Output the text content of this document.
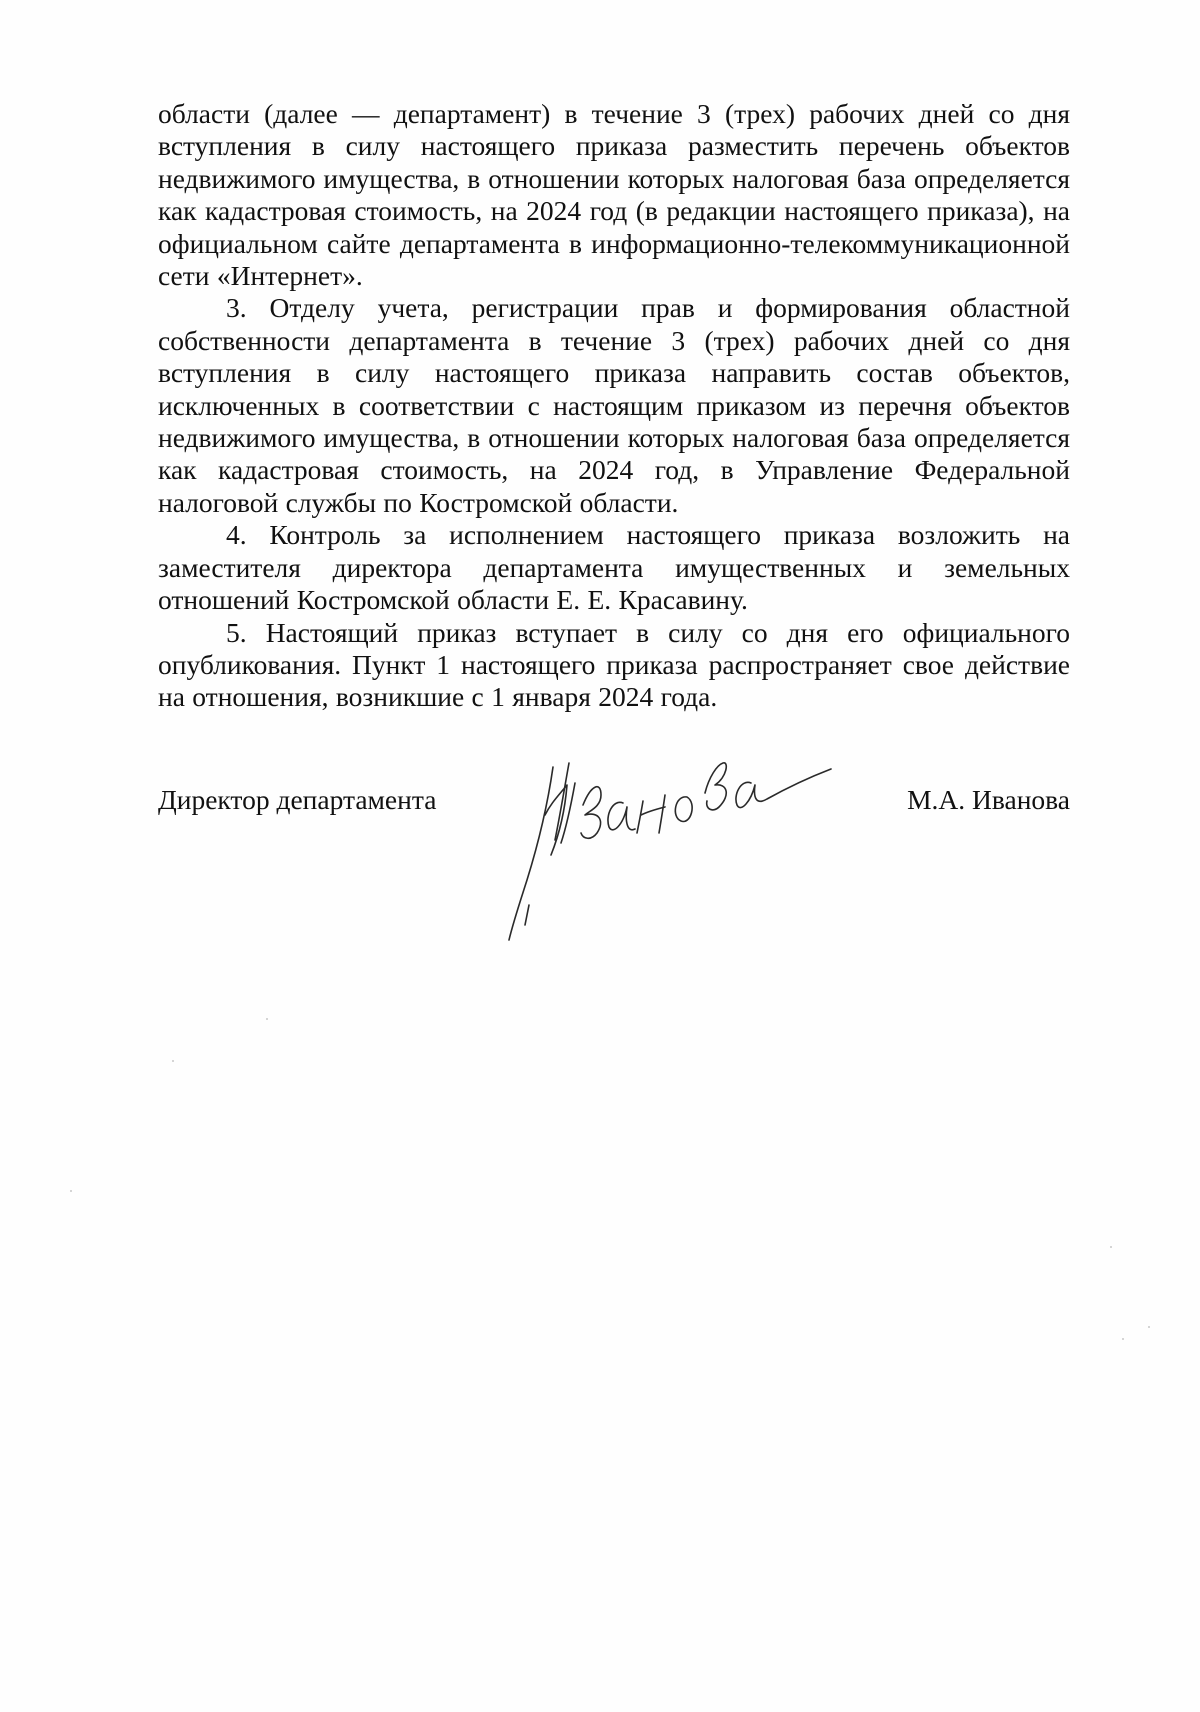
области (далее — департамент) в течение 3 (трех) рабочих дней со дня вступления в силу настоящего приказа разместить перечень объектов недвижимого имущества, в отношении которых налоговая база определяется как кадастровая стоимость, на 2024 год (в редакции настоящего приказа), на официальном сайте департамента в информационно-телекоммуникационной сети «Интернет».

3. Отделу учета, регистрации прав и формирования областной собственности департамента в течение 3 (трех) рабочих дней со дня вступления в силу настоящего приказа направить состав объектов, исключенных в соответствии с настоящим приказом из перечня объектов недвижимого имущества, в отношении которых налоговая база определяется как кадастровая стоимость, на 2024 год, в Управление Федеральной налоговой службы по Костромской области.

4. Контроль за исполнением настоящего приказа возложить на заместителя директора департамента имущественных и земельных отношений Костромской области Е. Е. Красавину.

5. Настоящий приказ вступает в силу со дня его официального опубликования. Пункт 1 настоящего приказа распространяет свое действие на отношения, возникшие с 1 января 2024 года.

Директор департамента	М.А. Иванова
